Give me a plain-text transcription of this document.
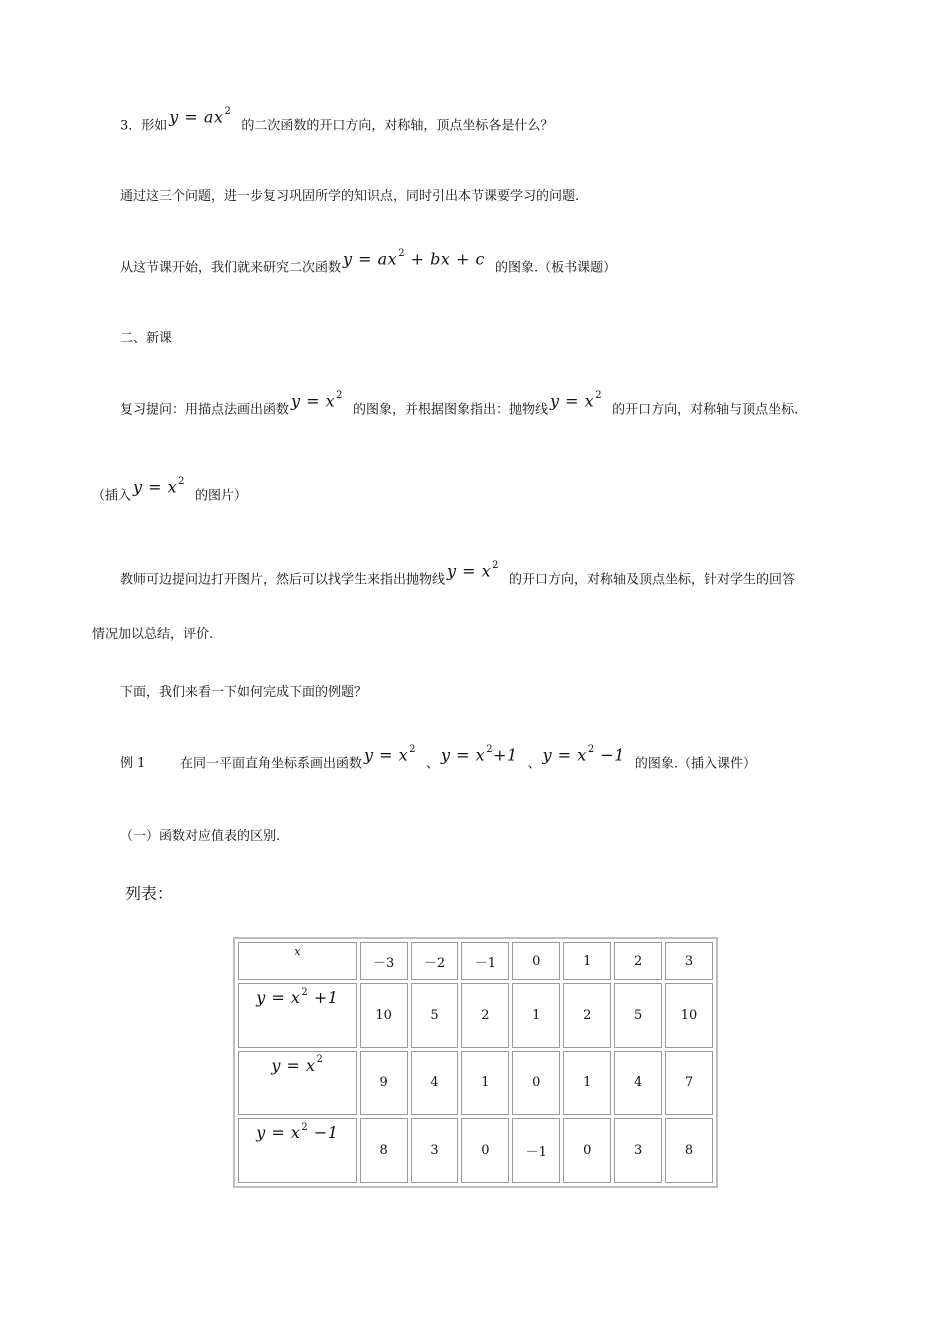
3．形如 $y = ax^2$的二次函数的开口方向，对称轴，顶点坐标各是什么？
通过这三个问题，进一步复习巩固所学的知识点，同时引出本节课要学习的问题.
从这节课开始，我们就来研究二次函数 $y = ax^2$ + bx + c 的图象.（板书课题）
二、新课
复习提问：用描点法画出函数 $y = x^2$的图象，并根据图象指出：抛物线 $y = x^2$的开口方向，对称轴与顶点坐标.
（插入 $y = x^2$的图片）
教师可边提问边打开图片，然后可以找学生来指出抛物线 $y = x^2$的开口方向，对称轴及顶点坐标，针对学生的回答
情况加以总结，评价.
下面，我们来看一下如何完成下面的例题？
例 1	在同一平面直角坐标系画出函数 $y = x^2$、 $y = x^2+1$ 、 $y = x^2 -1$ 的图象.（插入课件）
（一）函数对应值表的区别.
列表：
x	－3	－2	－1	0	1	2	3
$y = x^2 +1$	10	5	2	1	2	5	10
$y = x^2$	9	4	1	0	1	4	7
$y = x^2 -1$	8	3	0	－1	0	3	8
